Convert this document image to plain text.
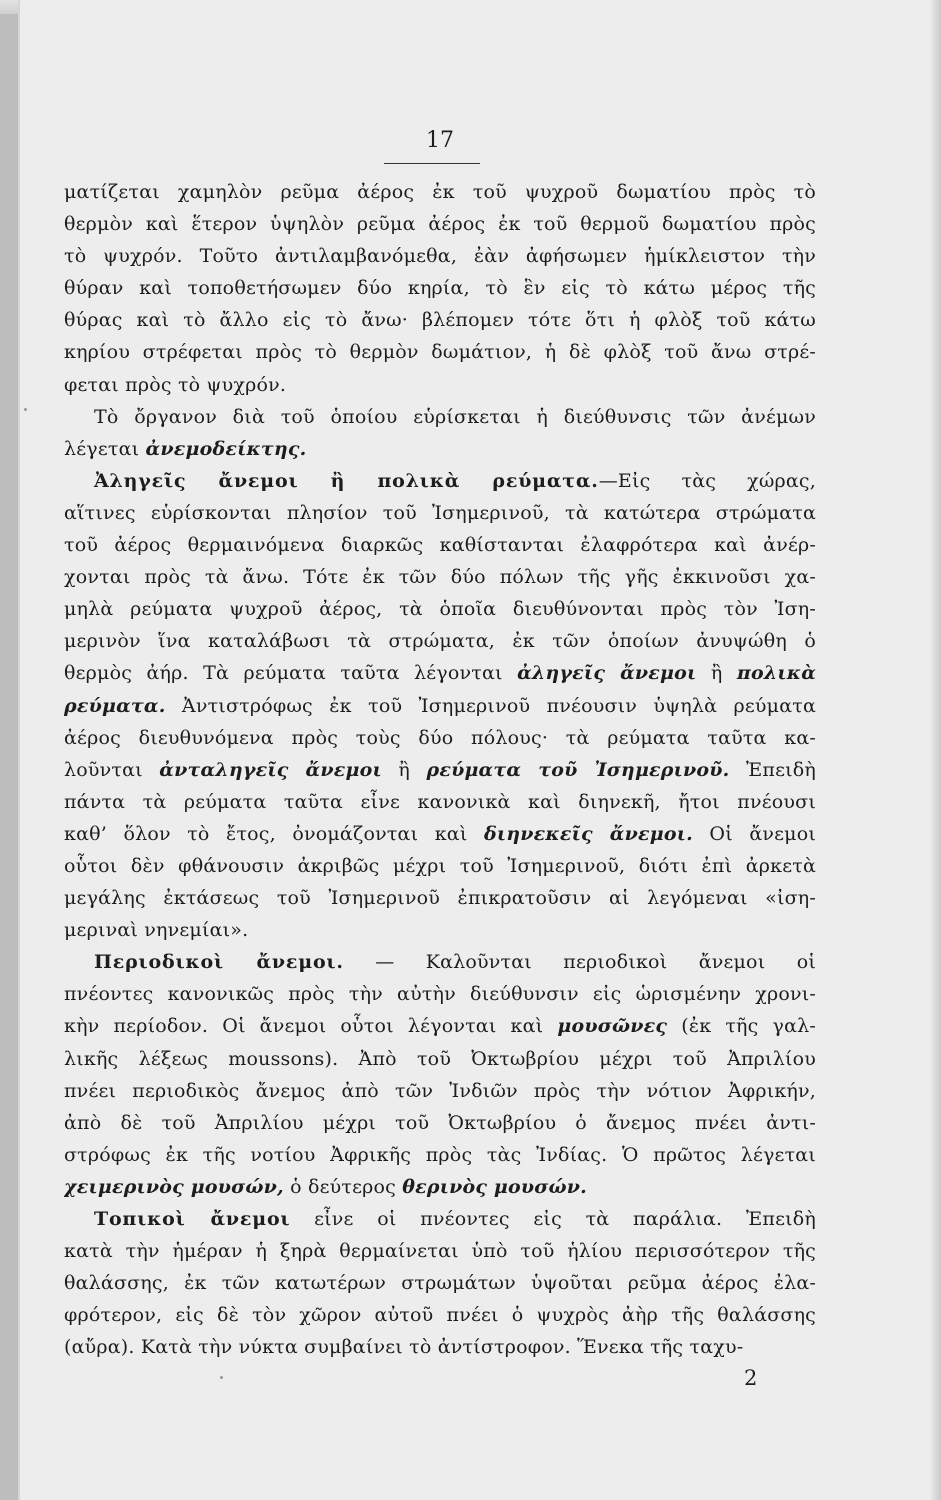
17
ματίζεται χαμηλὸν ρεῦμα ἀέρος ἐκ τοῦ ψυχροῦ δωματίου πρὸς τὸ
θερμὸν καὶ ἕτερον ὑψηλὸν ρεῦμα ἀέρος ἐκ τοῦ θερμοῦ δωματίου πρὸς
τὸ ψυχρόν. Τοῦτο ἀντιλαμβανόμεθα, ἐὰν ἀφήσωμεν ἡμίκλειστον τὴν
θύραν καὶ τοποθετήσωμεν δύο κηρία, τὸ ἓν εἰς τὸ κάτω μέρος τῆς
θύρας καὶ τὸ ἄλλο εἰς τὸ ἄνω· βλέπομεν τότε ὅτι ἡ φλὸξ τοῦ κάτω
κηρίου στρέφεται πρὸς τὸ θερμὸν δωμάτιον, ἡ δὲ φλὸξ τοῦ ἄνω στρέ-
φεται πρὸς τὸ ψυχρόν.
Τὸ ὄργανον διὰ τοῦ ὁποίου εὑρίσκεται ἡ διεύθυνσις τῶν ἀνέμων
λέγεται ἀνεμοδείκτης.
Ἀληγεῖς ἄνεμοι ἢ πολικὰ ρεύματα.—Εἰς τὰς χώρας,
αἵτινες εὑρίσκονται πλησίον τοῦ Ἰσημερινοῦ, τὰ κατώτερα στρώματα
τοῦ ἀέρος θερμαινόμενα διαρκῶς καθίστανται ἐλαφρότερα καὶ ἀνέρ-
χονται πρὸς τὰ ἄνω. Τότε ἐκ τῶν δύο πόλων τῆς γῆς ἐκκινοῦσι χα-
μηλὰ ρεύματα ψυχροῦ ἀέρος, τὰ ὁποῖα διευθύνονται πρὸς τὸν Ἰση-
μερινὸν ἵνα καταλάβωσι τὰ στρώματα, ἐκ τῶν ὁποίων ἀνυψώθη ὁ
θερμὸς ἀήρ. Τὰ ρεύματα ταῦτα λέγονται ἀληγεῖς ἄνεμοι ἢ πολικὰ
ρεύματα. Ἀντιστρόφως ἐκ τοῦ Ἰσημερινοῦ πνέουσιν ὑψηλὰ ρεύματα
ἀέρος διευθυνόμενα πρὸς τοὺς δύο πόλους· τὰ ρεύματα ταῦτα κα-
λοῦνται ἀνταληγεῖς ἄνεμοι ἢ ρεύματα τοῦ Ἰσημερινοῦ. Ἐπειδὴ
πάντα τὰ ρεύματα ταῦτα εἶνε κανονικὰ καὶ διηνεκῆ, ἤτοι πνέουσι
καθ’ ὅλον τὸ ἔτος, ὀνομάζονται καὶ διηνεκεῖς ἄνεμοι. Οἱ ἄνεμοι
οὗτοι δὲν φθάνουσιν ἀκριβῶς μέχρι τοῦ Ἰσημερινοῦ, διότι ἐπὶ ἀρκετὰ
μεγάλης ἐκτάσεως τοῦ Ἰσημερινοῦ ἐπικρατοῦσιν αἱ λεγόμεναι «ἰση-
μεριναὶ νηνεμίαι».
Περιοδικοὶ ἄνεμοι. — Καλοῦνται περιοδικοὶ ἄνεμοι οἱ
πνέοντες κανονικῶς πρὸς τὴν αὐτὴν διεύθυνσιν εἰς ὡρισμένην χρονι-
κὴν περίοδον. Οἱ ἄνεμοι οὗτοι λέγονται καὶ μουσῶνες (ἐκ τῆς γαλ-
λικῆς λέξεως moussons). Ἀπὸ τοῦ Ὀκτωβρίου μέχρι τοῦ Ἀπριλίου
πνέει περιοδικὸς ἄνεμος ἀπὸ τῶν Ἰνδιῶν πρὸς τὴν νότιον Ἀφρικήν,
ἀπὸ δὲ τοῦ Ἀπριλίου μέχρι τοῦ Ὀκτωβρίου ὁ ἄνεμος πνέει ἀντι-
στρόφως ἐκ τῆς νοτίου Ἀφρικῆς πρὸς τὰς Ἰνδίας. Ὁ πρῶτος λέγεται
χειμερινὸς μουσών, ὁ δεύτερος θερινὸς μουσών.
Τοπικοὶ ἄνεμοι εἶνε οἱ πνέοντες εἰς τὰ παράλια. Ἐπειδὴ
κατὰ τὴν ἡμέραν ἡ ξηρὰ θερμαίνεται ὑπὸ τοῦ ἡλίου περισσότερον τῆς
θαλάσσης, ἐκ τῶν κατωτέρων στρωμάτων ὑψοῦται ρεῦμα ἀέρος ἐλα-
φρότερον, εἰς δὲ τὸν χῶρον αὐτοῦ πνέει ὁ ψυχρὸς ἀὴρ τῆς θαλάσσης
(αὔρα). Κατὰ τὴν νύκτα συμβαίνει τὸ ἀντίστροφον. Ἕνεκα τῆς ταχυ-
2
